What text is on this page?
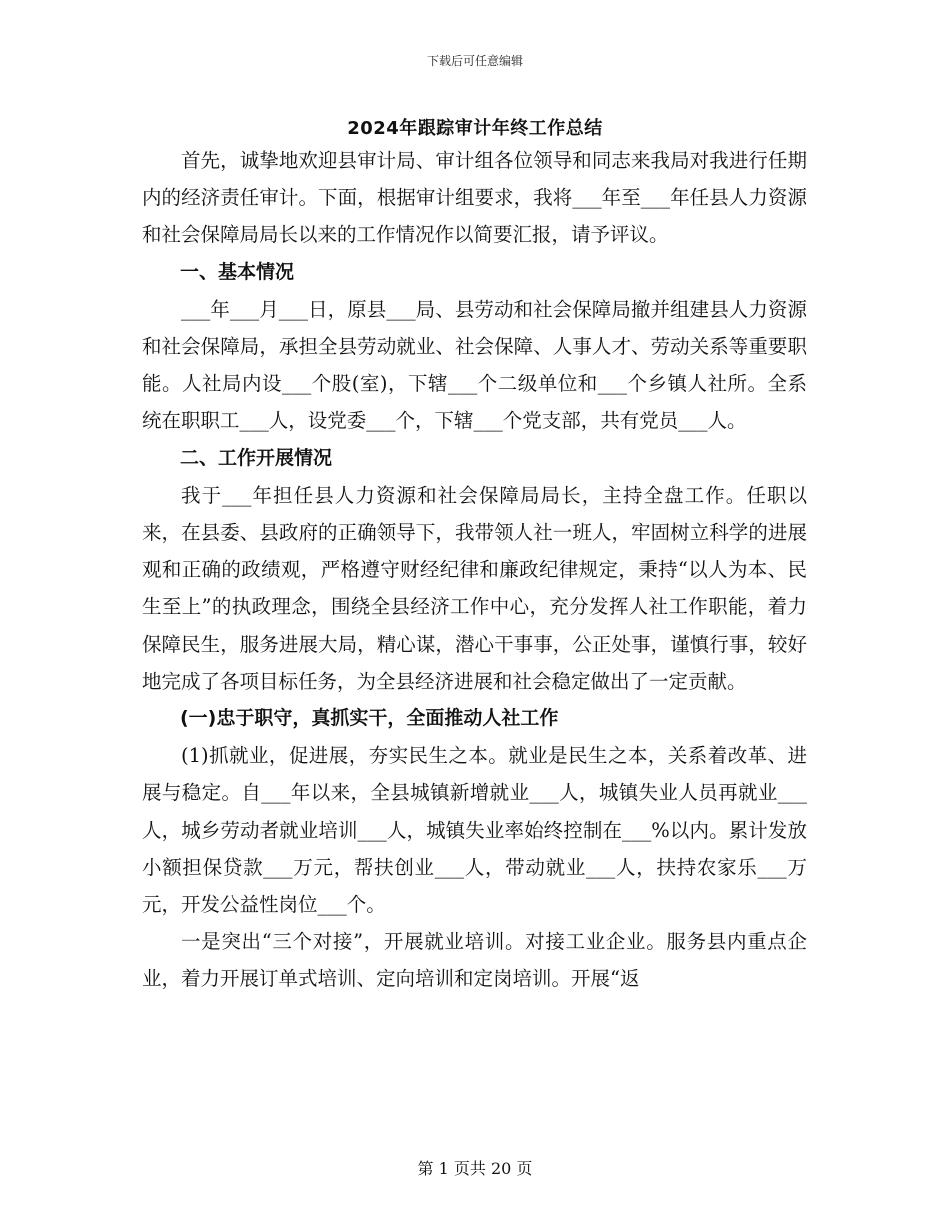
下载后可任意编辑
2024年跟踪审计年终工作总结

首先，诚挚地欢迎县审计局、审计组各位领导和同志来我局对我进行任期内的经济责任审计。下面，根据审计组要求，我将___年至___年任县人力资源和社会保障局局长以来的工作情况作以简要汇报，请予评议。

一、基本情况

___年___月___日，原县___局、县劳动和社会保障局撤并组建县人力资源和社会保障局，承担全县劳动就业、社会保障、人事人才、劳动关系等重要职能。人社局内设___个股(室)，下辖___个二级单位和___个乡镇人社所。全系统在职职工___人，设党委___个，下辖___个党支部，共有党员___人。

二、工作开展情况

我于___年担任县人力资源和社会保障局局长，主持全盘工作。任职以来，在县委、县政府的正确领导下，我带领人社一班人，牢固树立科学的进展观和正确的政绩观，严格遵守财经纪律和廉政纪律规定，秉持“以人为本、民生至上”的执政理念，围绕全县经济工作中心，充分发挥人社工作职能，着力保障民生，服务进展大局，精心谋，潜心干事事，公正处事，谨慎行事，较好地完成了各项目标任务，为全县经济进展和社会稳定做出了一定贡献。

(一)忠于职守，真抓实干，全面推动人社工作

(1)抓就业，促进展，夯实民生之本。就业是民生之本，关系着改革、进展与稳定。自___年以来，全县城镇新增就业___人，城镇失业人员再就业___人，城乡劳动者就业培训___人，城镇失业率始终控制在___%以内。累计发放小额担保贷款___万元，帮扶创业___人，带动就业___人，扶持农家乐___万元，开发公益性岗位___个。

一是突出“三个对接”，开展就业培训。对接工业企业。服务县内重点企业，着力开展订单式培训、定向培训和定岗培训。开展“返

第 1 页共 20 页
